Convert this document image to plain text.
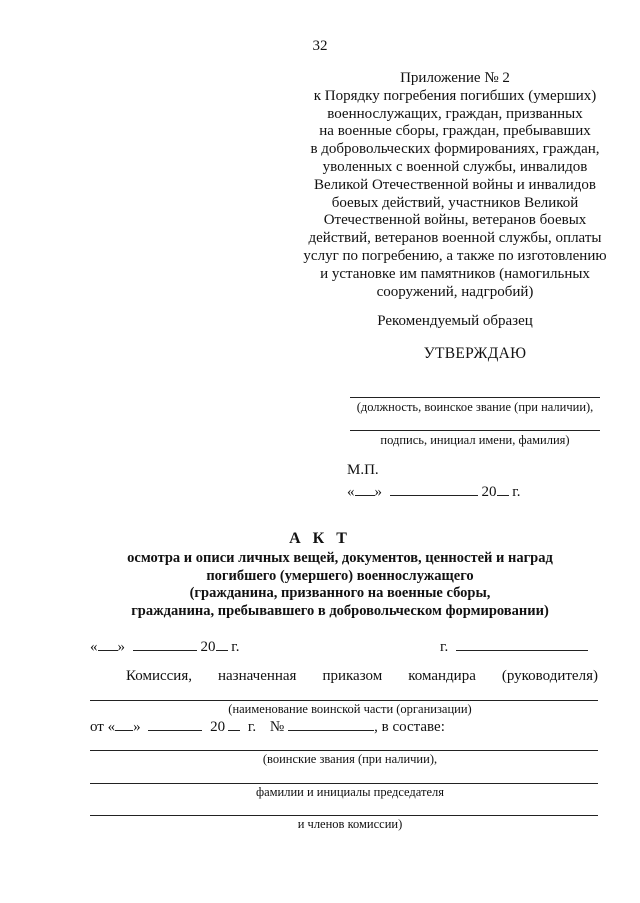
32
Приложение № 2
к Порядку погребения погибших (умерших)
военнослужащих, граждан, призванных
на военные сборы, граждан, пребывавших
в добровольческих формированиях, граждан,
уволенных с военной службы, инвалидов
Великой Отечественной войны и инвалидов
боевых действий, участников Великой
Отечественной войны, ветеранов боевых
действий, ветеранов военной службы, оплаты
услуг по погребению, а также по изготовлению
и установке им памятников (намогильных
сооружений, надгробий)
Рекомендуемый образец
УТВЕРЖДАЮ
(должность, воинское звание (при наличии),
подпись, инициал имени, фамилия)
М.П.
« »	20 г.
А К Т
осмотра и описи личных вещей, документов, ценностей и наград
погибшего (умершего) военнослужащего
(гражданина, призванного на военные сборы,
гражданина, пребывавшего в добровольческом формировании)
« »	20 г.	г.
Комиссия, назначенная приказом командира (руководителя)
(наименование воинской части (организации)
от « »	20 г. №	, в составе:
(воинские звания (при наличии),
фамилии и инициалы председателя
и членов комиссии)
